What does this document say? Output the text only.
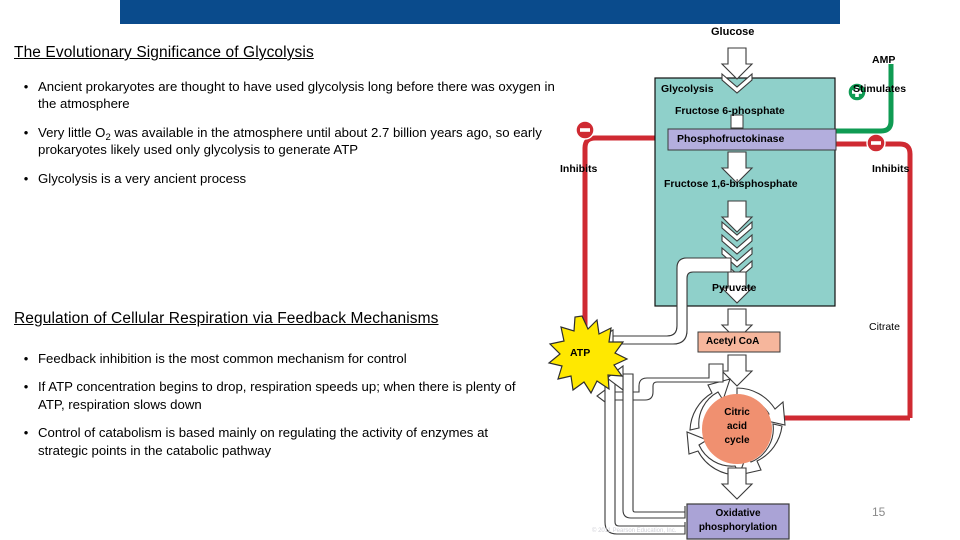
The Evolutionary Significance of Glycolysis
• Ancient prokaryotes are thought to have used glycolysis long before there was oxygen in the atmosphere
• Very little $O_2$ was available in the atmosphere until about 2.7 billion years ago, so early prokaryotes likely used only glycolysis to generate ATP
• Glycolysis is a very ancient process
Regulation of Cellular Respiration via Feedback Mechanisms
• Feedback inhibition is the most common mechanism for control
• If ATP concentration begins to drop, respiration speeds up; when there is plenty of ATP, respiration slows down
• Control of catabolism is based mainly on regulating the activity of enzymes at strategic points in the catabolic pathway
Glucose
Glycolysis
Fructose 6-phosphate
Phosphofructokinase
Fructose 1,6-bisphosphate
Pyruvate
Acetyl CoA
Citric
acid
cycle
Oxidative
phosphorylation
ATP
AMP
Stimulates
Inhibits	Inhibits
Citrate
15
© 2011 Pearson Education, Inc.
